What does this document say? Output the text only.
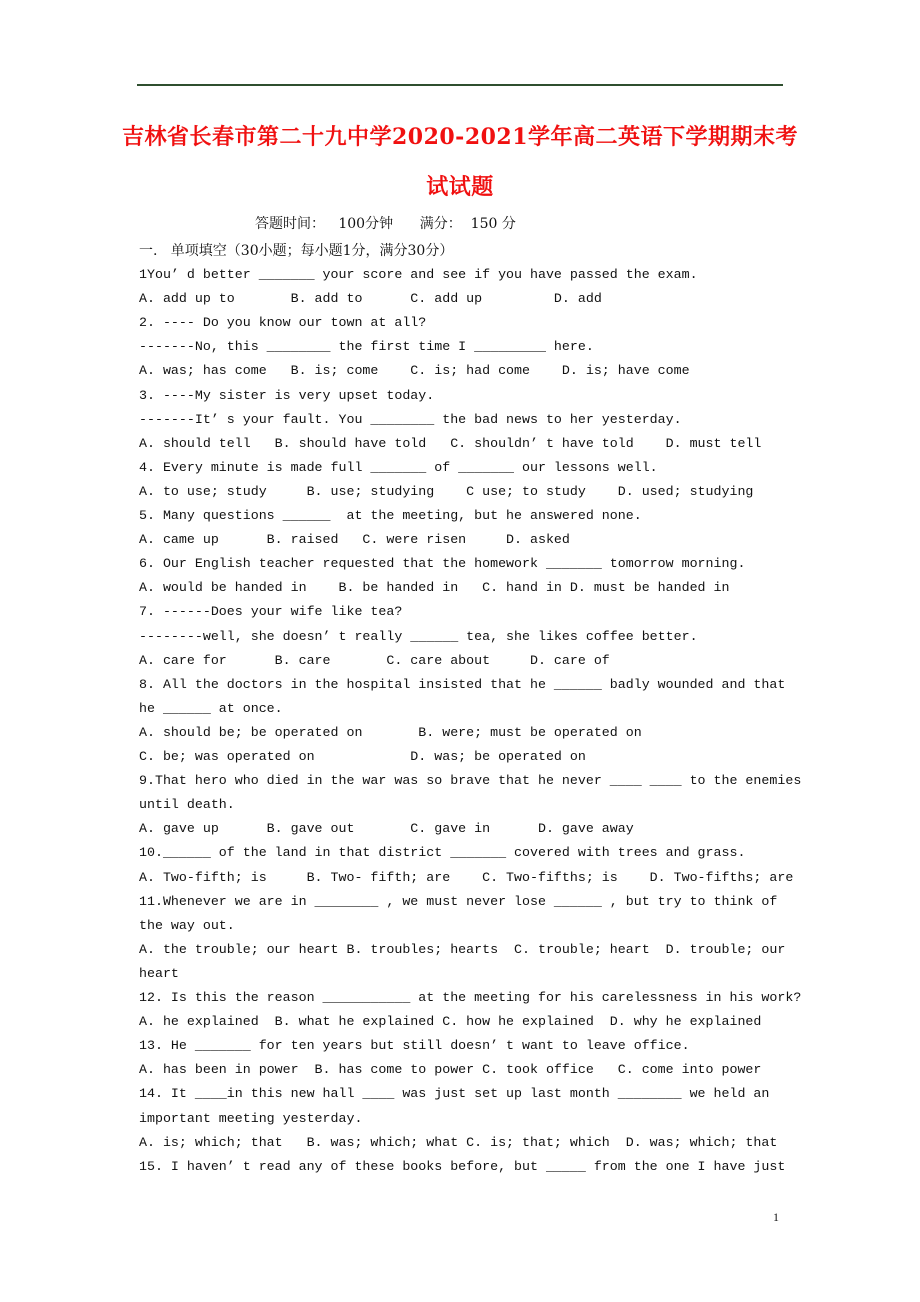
吉林省长春市第二十九中学2020-2021学年高二英语下学期期末考
试试题
答题时间：   100分钟      满分：  150 分
一.   单项填空（30小题；每小题1分，满分30分）
1You’ d better _______ your score and see if you have passed the exam.
A. add up to       B. add to      C. add up         D. add
2. ---- Do you know our town at all?
-------No, this ________ the first time I _________ here.
A. was; has come   B. is; come    C. is; had come    D. is; have come
3. ----My sister is very upset today.
-------It’ s your fault. You ________ the bad news to her yesterday.
A. should tell   B. should have told   C. shouldn’ t have told    D. must tell
4. Every minute is made full _______ of _______ our lessons well.
A. to use; study     B. use; studying    C use; to study    D. used; studying
5. Many questions ______  at the meeting, but he answered none.
A. came up      B. raised   C. were risen     D. asked
6. Our English teacher requested that the homework _______ tomorrow morning.
A. would be handed in    B. be handed in   C. hand in D. must be handed in
7. ------Does your wife like tea?
--------well, she doesn’ t really ______ tea, she likes coffee better.
A. care for      B. care       C. care about     D. care of
8. All the doctors in the hospital insisted that he ______ badly wounded and that
he ______ at once.
A. should be; be operated on       B. were; must be operated on
C. be; was operated on            D. was; be operated on
9.That hero who died in the war was so brave that he never ____ ____ to the enemies
until death.
A. gave up      B. gave out       C. gave in      D. gave away
10.______ of the land in that district _______ covered with trees and grass.
A. Two-fifth; is     B. Two- fifth; are    C. Two-fifths; is    D. Two-fifths; are
11.Whenever we are in ________ , we must never lose ______ , but try to think of
the way out.
A. the trouble; our heart B. troubles; hearts  C. trouble; heart  D. trouble; our
heart
12. Is this the reason ___________ at the meeting for his carelessness in his work?
A. he explained  B. what he explained C. how he explained  D. why he explained
13. He _______ for ten years but still doesn’ t want to leave office.
A. has been in power  B. has come to power C. took office   C. come into power
14. It ____in this new hall ____ was just set up last month ________ we held an
important meeting yesterday.
A. is; which; that   B. was; which; what C. is; that; which  D. was; which; that
15. I haven’ t read any of these books before, but _____ from the one I have just
1
